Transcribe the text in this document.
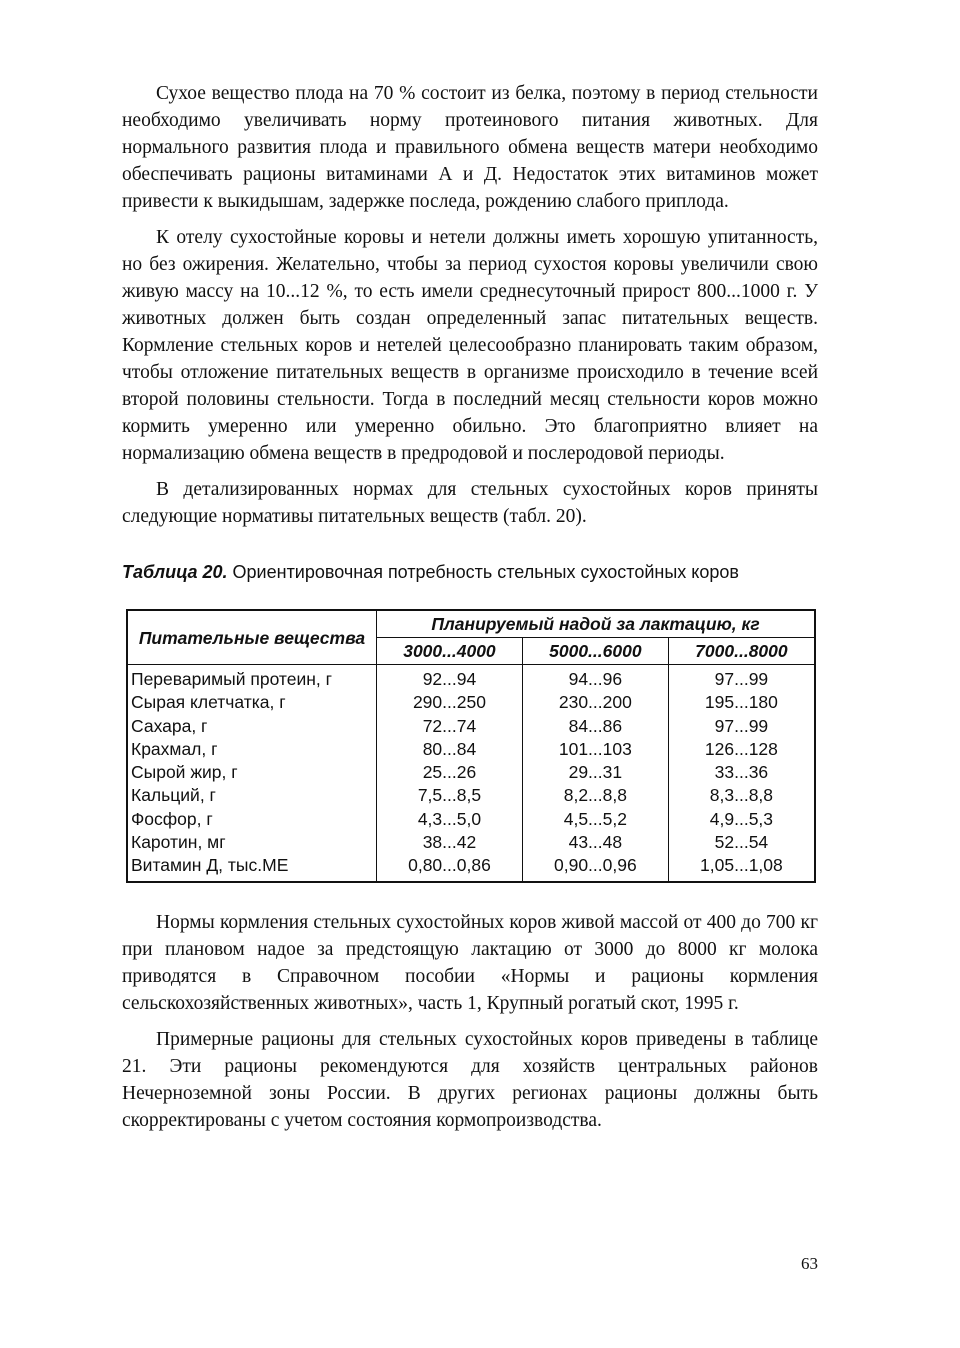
Сухое вещество плода на 70 % состоит из белка, поэтому в период стельности необходимо увеличивать норму протеинового питания животных. Для нормального развития плода и правильного обмена веществ матери необходимо обеспечивать рационы витаминами А и Д. Недостаток этих витаминов может привести к выкидышам, задержке последа, рождению слабого приплода.

К отелу сухостойные коровы и нетели должны иметь хорошую упитанность, но без ожирения. Желательно, чтобы за период сухостоя коровы увеличили свою живую массу на 10...12 %, то есть имели среднесуточный прирост 800...1000 г. У животных должен быть создан определенный запас питательных веществ. Кормление стельных коров и нетелей целесообразно планировать таким образом, чтобы отложение питательных веществ в организме происходило в течение всей второй половины стельности. Тогда в последний месяц стельности коров можно кормить умеренно или умеренно обильно. Это благоприятно влияет на нормализацию обмена веществ в предродовой и послеродовой периоды.

В детализированных нормах для стельных сухостойных коров приняты следующие нормативы питательных веществ (табл. 20).

Таблица 20. Ориентировочная потребность стельных сухостойных коров

Питательные вещества	Планируемый надой за лактацию, кг		
	3000...4000	5000...6000	7000...8000
Переваримый протеин, г	92...94	94...96	97...99
Сырая клетчатка, г	290...250	230...200	195...180
Сахара, г	72...74	84...86	97...99
Крахмал, г	80...84	101...103	126...128
Сырой жир, г	25...26	29...31	33...36
Кальций, г	7,5...8,5	8,2...8,8	8,3...8,8
Фосфор, г	4,3...5,0	4,5...5,2	4,9...5,3
Каротин, мг	38...42	43...48	52...54
Витамин Д, тыс.МЕ	0,80...0,86	0,90...0,96	1,05...1,08

Нормы кормления стельных сухостойных коров живой массой от 400 до 700 кг при плановом надое за предстоящую лактацию от 3000 до 8000 кг молока приводятся в Справочном пособии «Нормы и рационы кормления сельскохозяйственных животных», часть 1, Крупный рогатый скот, 1995 г.

Примерные рационы для стельных сухостойных коров приведены в таблице 21. Эти рационы рекомендуются для хозяйств центральных районов Нечерноземной зоны России. В других регионах рационы должны быть скорректированы с учетом состояния кормопроизводства.

63
